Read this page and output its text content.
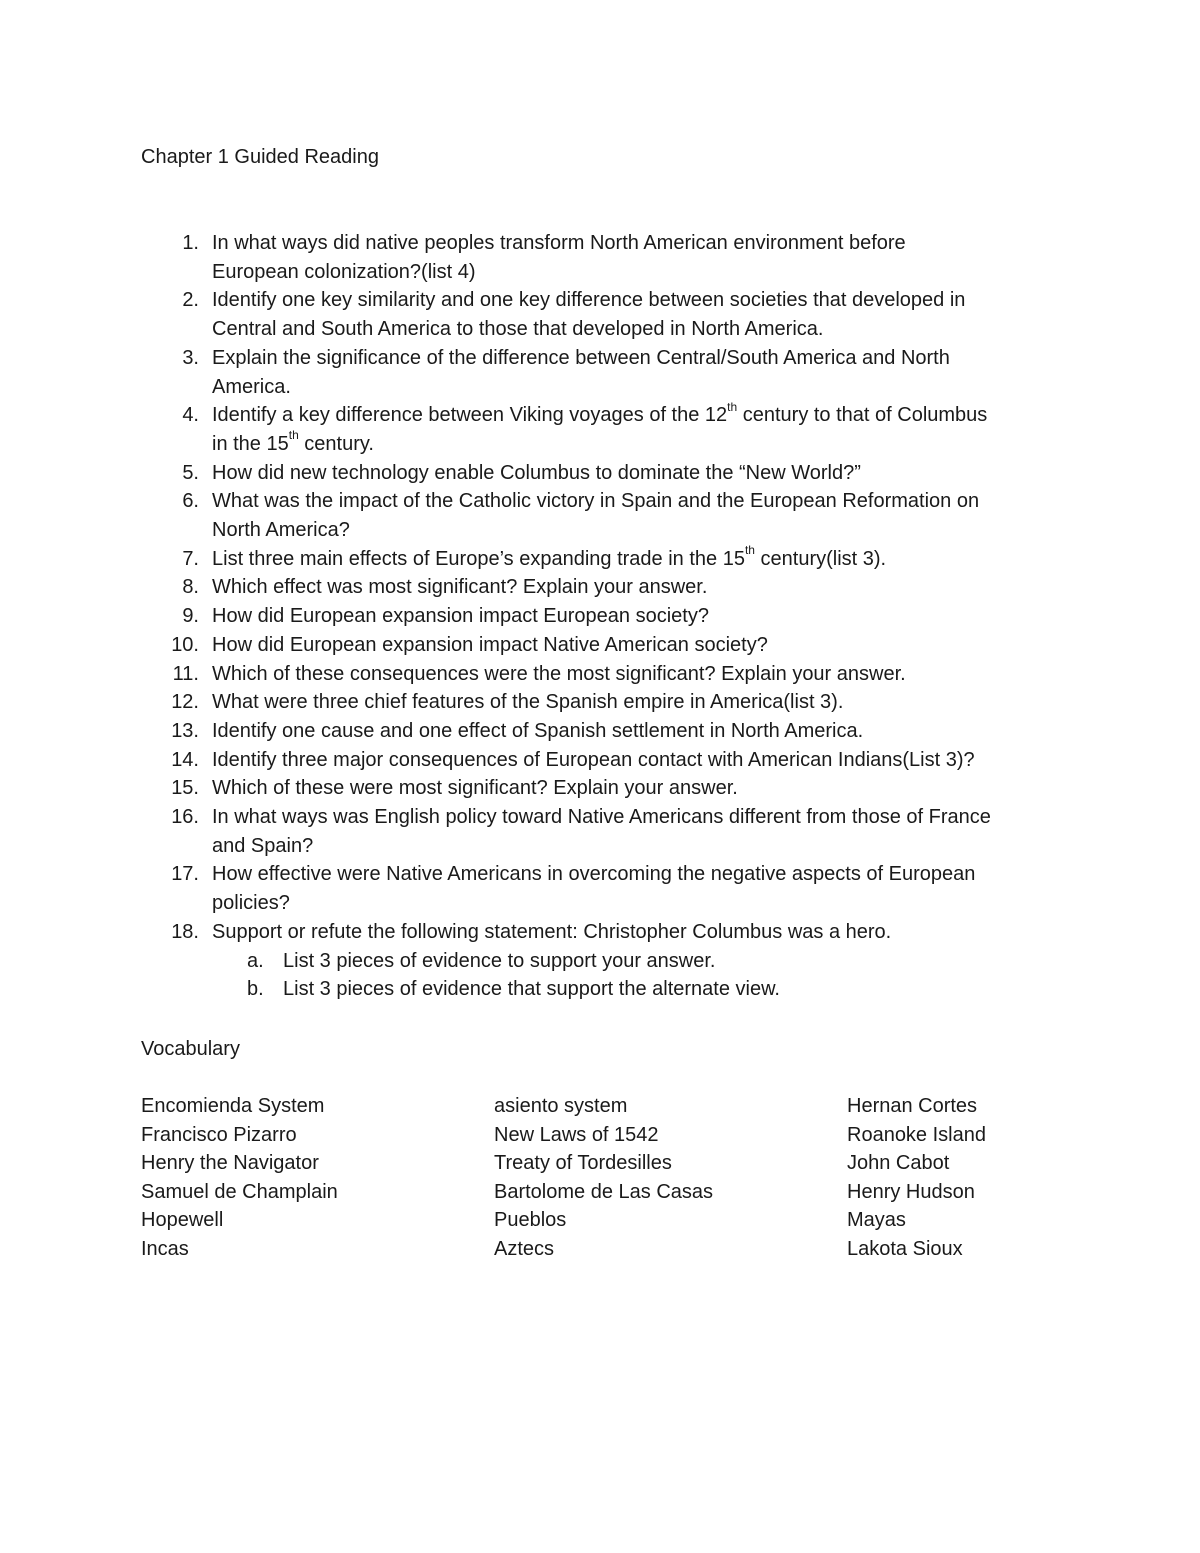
Chapter 1 Guided Reading
1. In what ways did native peoples transform North American environment before
European colonization?(list 4)
2. Identify one key similarity and one key difference between societies that developed in
Central and South America to those that developed in North America.
3. Explain the significance of the difference between Central/South America and North
America.
4. Identify a key difference between Viking voyages of the 12th century to that of Columbus
in the 15th century.
5. How did new technology enable Columbus to dominate the “New World?”
6. What was the impact of the Catholic victory in Spain and the European Reformation on
North America?
7. List three main effects of Europe’s expanding trade in the 15th century(list 3).
8. Which effect was most significant? Explain your answer.
9. How did European expansion impact European society?
10. How did European expansion impact Native American society?
11. Which of these consequences were the most significant? Explain your answer.
12. What were three chief features of the Spanish empire in America(list 3).
13. Identify one cause and one effect of Spanish settlement in North America.
14. Identify three major consequences of European contact with American Indians(List 3)?
15. Which of these were most significant? Explain your answer.
16. In what ways was English policy toward Native Americans different from those of France
and Spain?
17. How effective were Native Americans in overcoming the negative aspects of European
policies?
18. Support or refute the following statement: Christopher Columbus was a hero.
a. List 3 pieces of evidence to support your answer.
b. List 3 pieces of evidence that support the alternate view.
Vocabulary
Encomienda System	asiento system	Hernan Cortes
Francisco Pizarro	New Laws of 1542	Roanoke Island
Henry the Navigator	Treaty of Tordesilles	John Cabot
Samuel de Champlain	Bartolome de Las Casas	Henry Hudson
Hopewell	Pueblos	Mayas
Incas	Aztecs	Lakota Sioux
